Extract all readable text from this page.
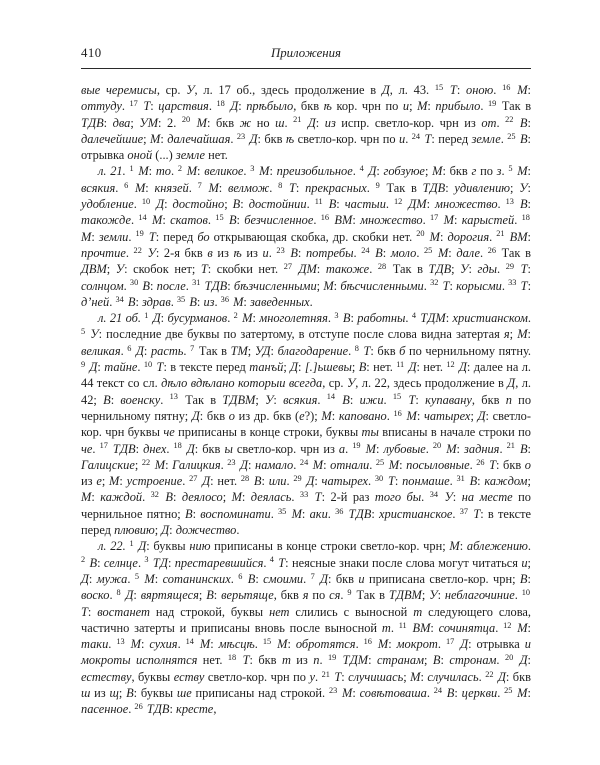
410	Приложения

вые черемисы, ср. У, л. 17 об., здесь продолжение в Д, л. 43. $^{15}$ Т: оною. $^{16}$ М: оттуду. $^{17}$ Т: царствия. $^{18}$ Д: прѣбыло, бкв ѣ кор. чрн по и; М: прибыло. $^{19}$ Так в ТДВ: два; УМ: 2. $^{20}$ М: бкв ж но ш. $^{21}$ Д: из испр. светло-кор. чрн из от. $^{22}$ В: далечейшие; М: далечайшая. $^{23}$ Д: бкв ѣ светло-кор. чрн по и. $^{24}$ Т: перед земле. $^{25}$ В: отрывка оной (...) земле нет.

л. 21. $^1$ М: то. $^2$ М: великое. $^3$ М: преизобильное. $^4$ Д: гобзуюе; М: бкв г по з. $^5$ М: всякия. $^6$ М: князей. $^7$ М: велмож. $^8$ Т: прекрасных. $^9$ Так в ТДВ: удивлению; У: удобление. $^{10}$ Д: достойно; В: достойнии. $^{11}$ В: частыи. $^{12}$ ДМ: множество. $^{13}$ В: такожде. $^{14}$ М: скатов. $^{15}$ В: безчисленное. $^{16}$ ВМ: множество. $^{17}$ М: карыстей. $^{18}$ М: земли. $^{19}$ Т: перед бо открывающая скобка, др. скобки нет. $^{20}$ М: дорогия. $^{21}$ ВМ: прочтие. $^{22}$ У: 2-я бкв в из ѣ из и. $^{23}$ В: потребы. $^{24}$ В: моло. $^{25}$ М: дале. $^{26}$ Так в ДВМ; У: скобок нет; Т: скобки нет. $^{27}$ ДМ: такоже. $^{28}$ Так в ТДВ; У: гды. $^{29}$ Т: солнцом. $^{30}$ В: после. $^{31}$ ТДВ: бѣзчисленными; М: бѣсчисленными. $^{32}$ Т: корысми. $^{33}$ Т: д’ней. $^{34}$ В: здрав. $^{35}$ В: из. $^{36}$ М: заведенных.

л. 21 об. $^1$ Д: бусурманов. $^2$ М: многолетняя. $^3$ В: работны. $^4$ ТДМ: христианском. $^5$ У: последние две буквы по затертому, в отступе после слова видна затертая я; М: великая. $^6$ Д: расть. $^7$ Так в ТМ; УД: благодарение. $^8$ Т: бкв б по чернильному пятну. $^9$ Д: тайне. $^{10}$ Т: в тексте перед танъй; Д: [.]ьшевы; В: нет. $^{11}$ Д: нет. $^{12}$ Д: далее на л. 44 текст со сл. дѣло вдѣлано которыи всегда, ср. У, л. 22, здесь продолжение в Д, л. 42; В: военску. $^{13}$ Так в ТДВМ; У: всякия. $^{14}$ В: ижи. $^{15}$ Т: купавану, бкв п по чернильному пятну; Д: бкв о из др. бкв (е?); М: каповано. $^{16}$ М: чатырех; Д: светло-кор. чрн буквы че приписаны в конце строки, буквы ты вписаны в начале строки по че. $^{17}$ ТДВ: днех. $^{18}$ Д: бкв ы светло-кор. чрн из а. $^{19}$ М: лубовые. $^{20}$ М: задния. $^{21}$ В: Галицские; $^{22}$ М: Галицкия. $^{23}$ Д: намало. $^{24}$ М: отнали. $^{25}$ М: посыловные. $^{26}$ Т: бкв о из е; М: устроение. $^{27}$ Д: нет. $^{28}$ В: или. $^{29}$ Д: чатырех. $^{30}$ Т: понмаше. $^{31}$ В: каждом; М: каждой. $^{32}$ В: деялосо; М: деялась. $^{33}$ Т: 2-й раз того бы. $^{34}$ У: на месте по чернильное пятно; В: воспоминати. $^{35}$ М: аки. $^{36}$ ТДВ: христианское. $^{37}$ Т: в тексте перед плювию; Д: дожчество.

л. 22. $^1$ Д: буквы нию приписаны в конце строки светло-кор. чрн; М: аблежению. $^2$ В: селнце. $^3$ ТД: престаревшийся. $^4$ Т: неясные знаки после слова могут читаться и; Д: мужа. $^5$ М: сотанинских. $^6$ В: смоими. $^7$ Д: бкв и приписана светло-кор. чрн; В: воско. $^8$ Д: вяртящеся; В: верьтяще, бкв я по ся. $^9$ Так в ТДВМ; У: неблагочиние. $^{10}$ Т: востанет над строкой, буквы нет слились с выносной т следующего слова, частично затерты и приписаны вновь после выносной т. $^{11}$ ВМ: сочинятца. $^{12}$ М: таки. $^{13}$ М: сухия. $^{14}$ М: мѣсцѣ. $^{15}$ М: обротятся. $^{16}$ М: мокрот. $^{17}$ Д: отрывка и мокроты исполнятся нет. $^{18}$ Т: бкв т из п. $^{19}$ ТДМ: странам; В: стронам. $^{20}$ Д: естеству, буквы еству светло-кор. чрн по у. $^{21}$ Т: случишась; М: случилась. $^{22}$ Д: бкв ш из щ; В: буквы ше приписаны над строкой. $^{23}$ М: совѣтоваша. $^{24}$ В: церкви. $^{25}$ М: пасенное. $^{26}$ ТДВ: кресте,
